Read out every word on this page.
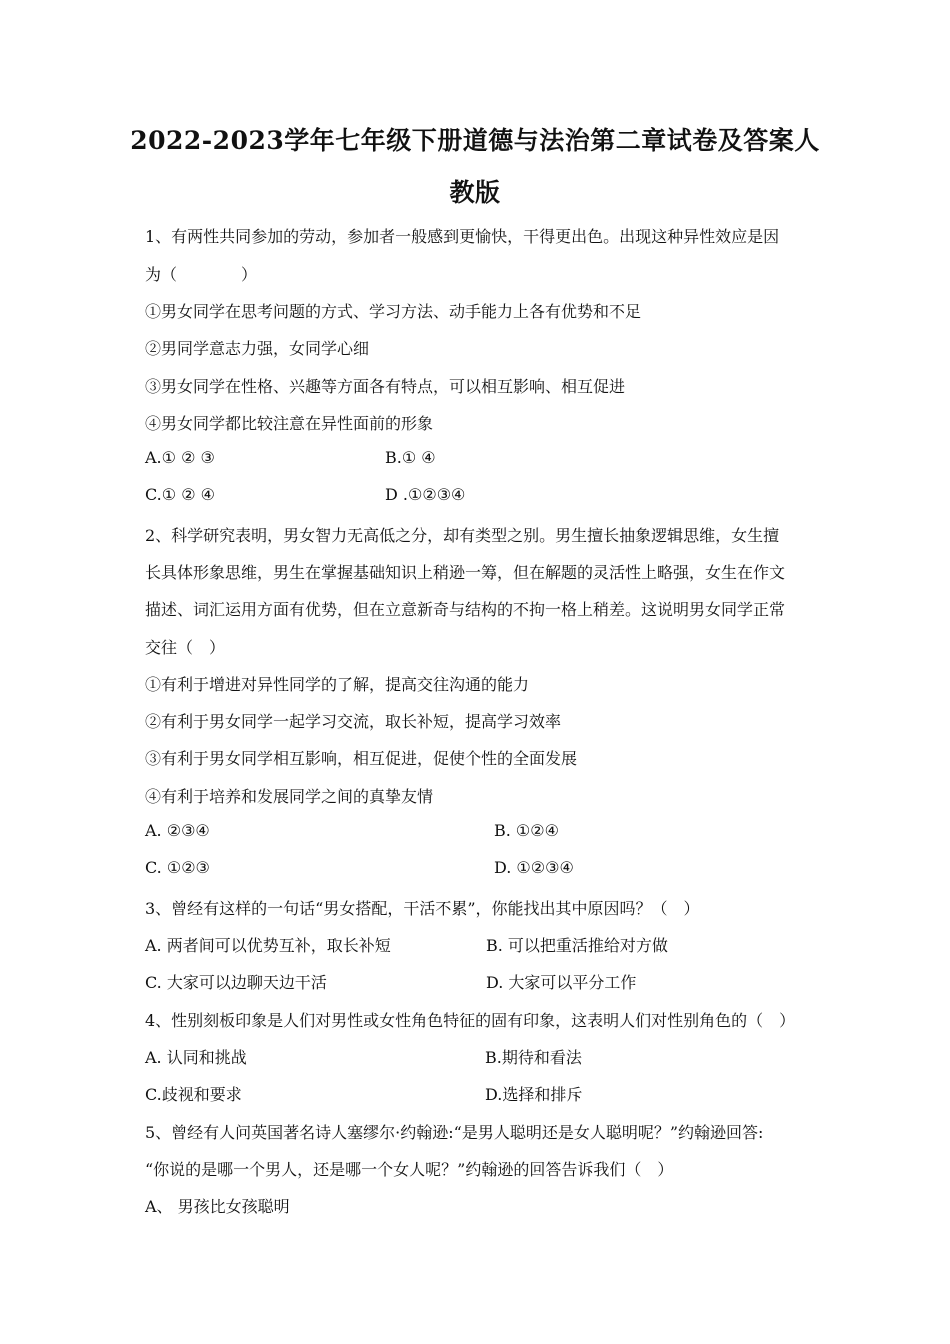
2022-2023学年七年级下册道德与法治第二章试卷及答案人
教版
1、有两性共同参加的劳动，参加者一般感到更愉快，干得更出色。出现这种异性效应是因
为（　　　　）
①男女同学在思考问题的方式、学习方法、动手能力上各有优势和不足
②男同学意志力强，女同学心细
③男女同学在性格、兴趣等方面各有特点，可以相互影响、相互促进
④男女同学都比较注意在异性面前的形象
A.① ② ③	B.① ④
C.① ② ④	D .①②③④
2、科学研究表明，男女智力无高低之分，却有类型之别。男生擅长抽象逻辑思维，女生擅
长具体形象思维，男生在掌握基础知识上稍逊一筹，但在解题的灵活性上略强，女生在作文
描述、词汇运用方面有优势，但在立意新奇与结构的不拘一格上稍差。这说明男女同学正常
交往（　）
①有利于增进对异性同学的了解，提高交往沟通的能力
②有利于男女同学一起学习交流，取长补短，提高学习效率
③有利于男女同学相互影响，相互促进，促使个性的全面发展
④有利于培养和发展同学之间的真挚友情
A. ②③④	B. ①②④
C. ①②③	D. ①②③④
3、曾经有这样的一句话“男女搭配，干活不累”，你能找出其中原因吗？（　）
A. 两者间可以优势互补，取长补短	B. 可以把重活推给对方做
C. 大家可以边聊天边干活	D. 大家可以平分工作
4、性别刻板印象是人们对男性或女性角色特征的固有印象，这表明人们对性别角色的（　）
A. 认同和挑战	B.期待和看法
C.歧视和要求	D.选择和排斥
5、曾经有人问英国著名诗人塞缪尔·约翰逊:“是男人聪明还是女人聪明呢？”约翰逊回答:
“你说的是哪一个男人，还是哪一个女人呢？”约翰逊的回答告诉我们（　）
A、 男孩比女孩聪明
